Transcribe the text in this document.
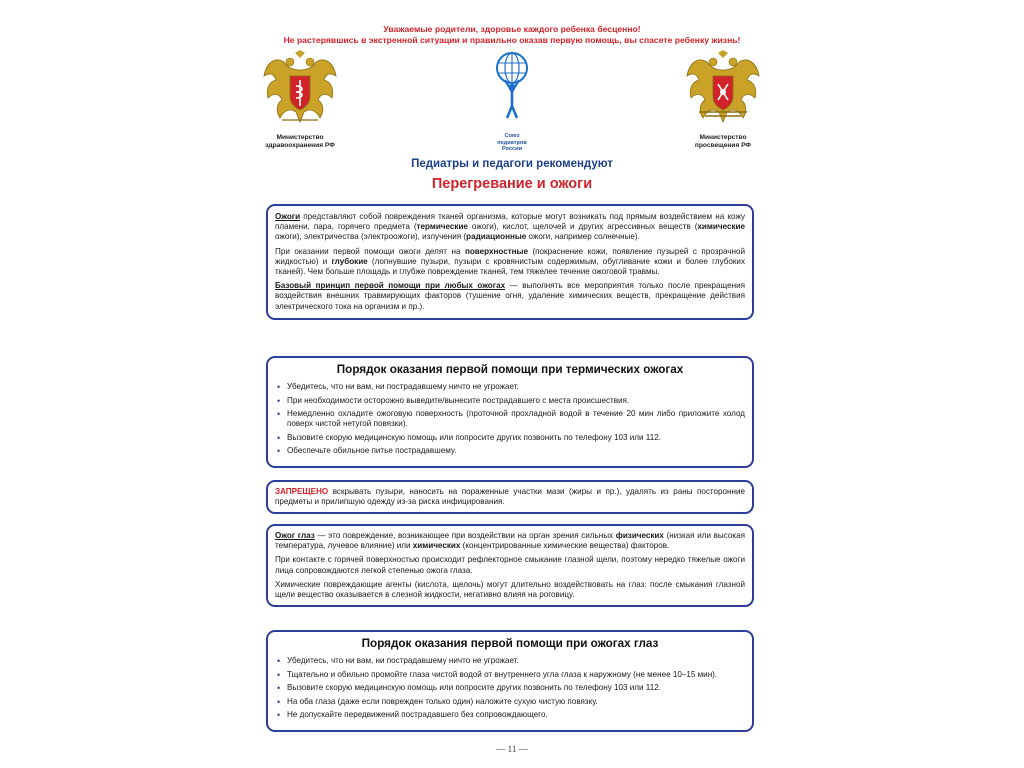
Уважаемые родители, здоровье каждого ребенка бесценно!
Не растерявшись в экстренной ситуации и правильно оказав первую помощь, вы спасете ребенку жизнь!
Министерство
здравоохранения РФ
Союз
педиатров
России
Министерство
просвещения РФ
Педиатры и педагоги рекомендуют
Перегревание и ожоги

Ожоги представляют собой повреждения тканей организма, которые могут возникать под прямым воздействием на кожу пламени, пара, горячего предмета (термические ожоги), кислот, щелочей и других агрессивных веществ (химические ожоги), электричества (электроожоги), излучения (радиационные ожоги, например солнечные).

При оказании первой помощи ожоги делят на поверхностные (покраснение кожи, появление пузырей с прозрачной жидкостью) и глубокие (лопнувшие пузыри, пузыри с кровянистым содержимым, обугливание кожи и более глубоких тканей). Чем больше площадь и глубже повреждение тканей, тем тяжелее течение ожоговой травмы.

Базовый принцип первой помощи при любых ожогах — выполнять все мероприятия только после прекращения воздействия внешних травмирующих факторов (тушение огня, удаление химических веществ, прекращение действия электрического тока на организм и пр.).

Порядок оказания первой помощи при термических ожогах
• Убедитесь, что ни вам, ни пострадавшему ничто не угрожает.
• При необходимости осторожно выведите/вынесите пострадавшего с места происшествия.
• Немедленно охладите ожоговую поверхность (проточной прохладной водой в течение 20 мин либо приложите холод поверх чистой нетугой повязки).
• Вызовите скорую медицинскую помощь или попросите других позвонить по телефону 103 или 112.
• Обеспечьте обильное питье пострадавшему.

ЗАПРЕЩЕНО вскрывать пузыри, наносить на пораженные участки мази (жиры и пр.), удалять из раны посторонние предметы и прилипшую одежду из-за риска инфицирования.

Ожог глаз — это повреждение, возникающее при воздействии на орган зрения сильных физических (низкая или высокая температура, лучевое влияние) или химических (концентрированные химические вещества) факторов.

При контакте с горячей поверхностью происходит рефлекторное смыкание глазной щели, поэтому нередко тяжелые ожоги лица сопровождаются легкой степенью ожога глаза.

Химические повреждающие агенты (кислота, щелочь) могут длительно воздействовать на глаз: после смыкания глазной щели вещество оказывается в слезной жидкости, негативно влияя на роговицу.

Порядок оказания первой помощи при ожогах глаз
• Убедитесь, что ни вам, ни пострадавшему ничто не угрожает.
• Тщательно и обильно промойте глаза чистой водой от внутреннего угла глаза к наружному (не менее 10–15 мин).
• Вызовите скорую медицинскую помощь или попросите других позвонить по телефону 103 или 112.
• На оба глаза (даже если поврежден только один) наложите сухую чистую повязку.
• Не допускайте передвижений пострадавшего без сопровождающего.
— 11 —
